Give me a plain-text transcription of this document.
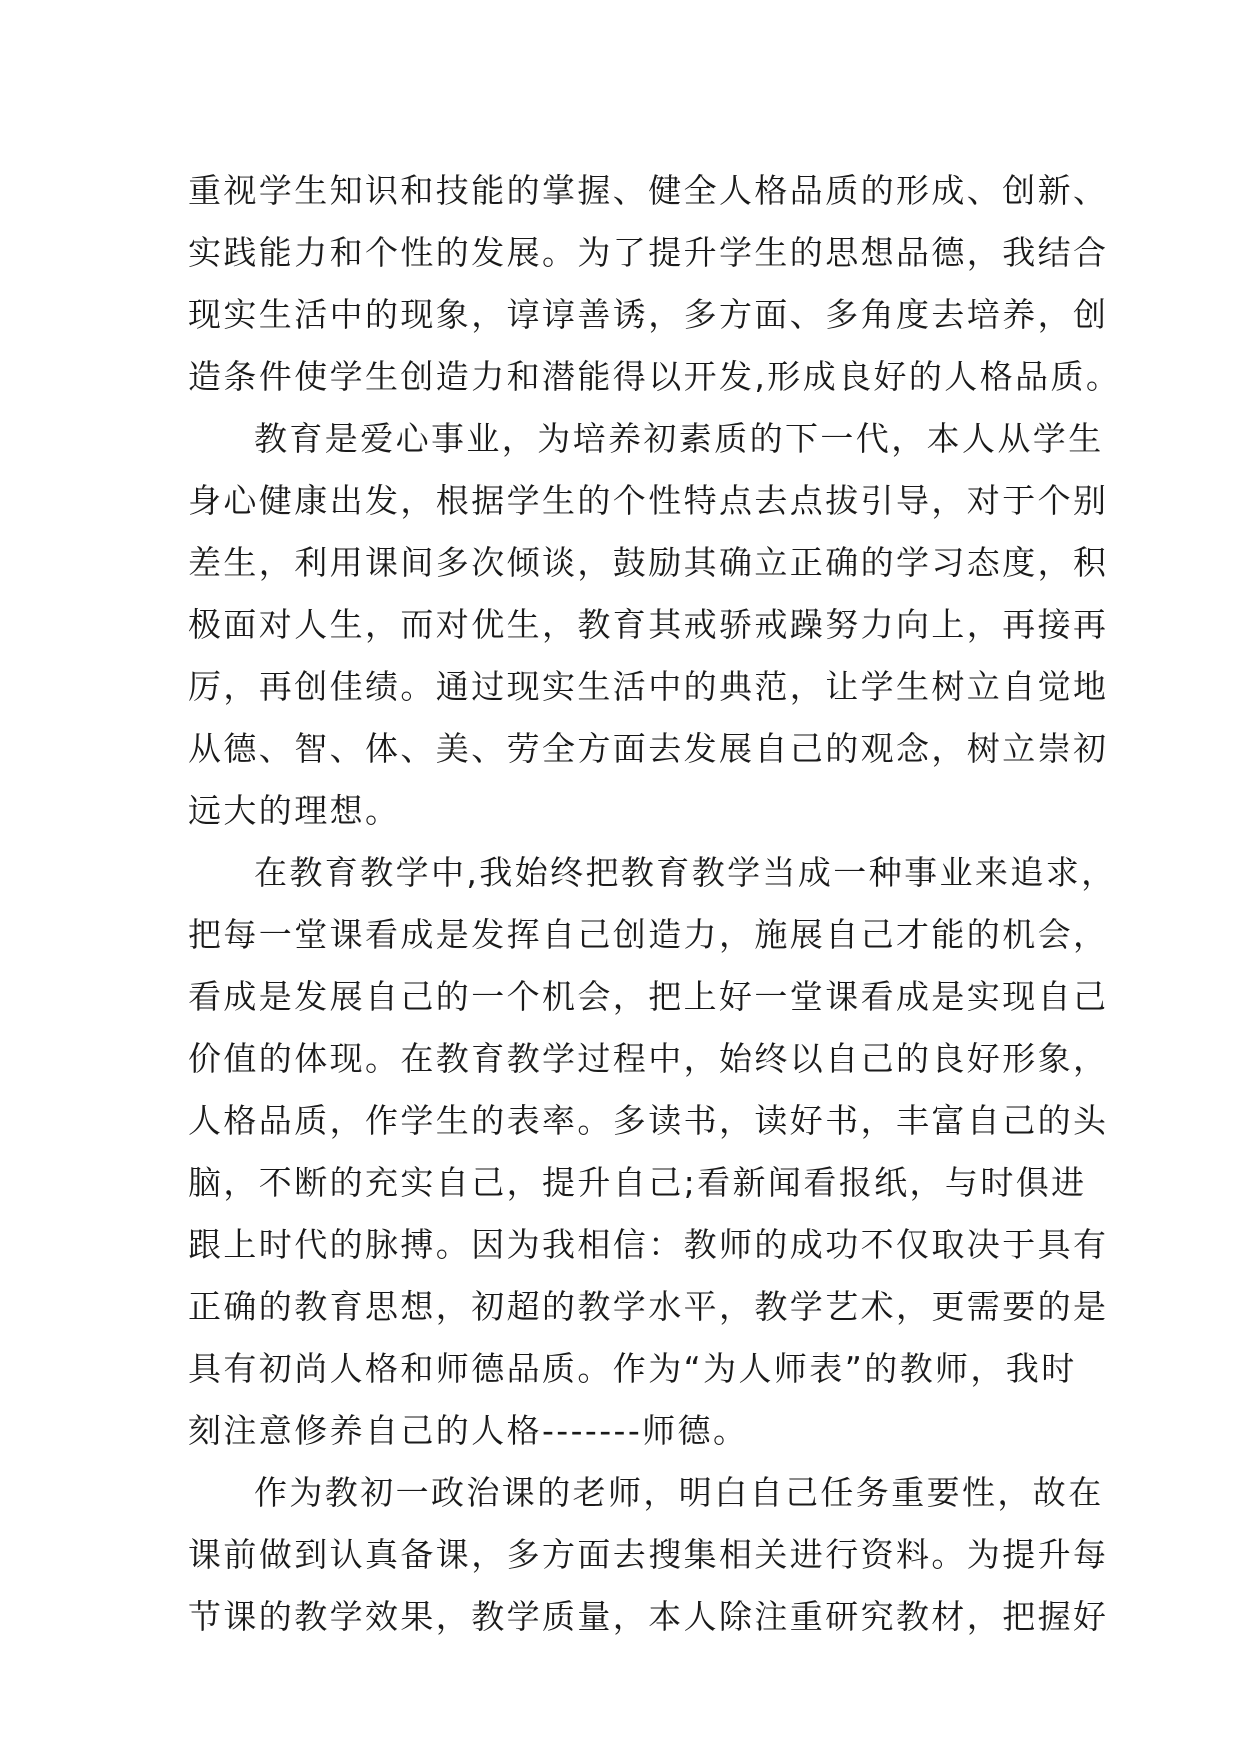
重视学生知识和技能的掌握、健全人格品质的形成、创新、
实践能力和个性的发展。为了提升学生的思想品德，我结合
现实生活中的现象，谆谆善诱，多方面、多角度去培养，创
造条件使学生创造力和潜能得以开发,形成良好的人格品质。
教育是爱心事业，为培养初素质的下一代，本人从学生
身心健康出发，根据学生的个性特点去点拔引导，对于个别
差生，利用课间多次倾谈，鼓励其确立正确的学习态度，积
极面对人生，而对优生，教育其戒骄戒躁努力向上，再接再
厉，再创佳绩。通过现实生活中的典范，让学生树立自觉地
从德、智、体、美、劳全方面去发展自己的观念，树立崇初
远大的理想。
在教育教学中,我始终把教育教学当成一种事业来追求，
把每一堂课看成是发挥自己创造力，施展自己才能的机会，
看成是发展自己的一个机会，把上好一堂课看成是实现自己
价值的体现。在教育教学过程中，始终以自己的良好形象，
人格品质，作学生的表率。多读书，读好书，丰富自己的头
脑，不断的充实自己，提升自己;看新闻看报纸，与时俱进
跟上时代的脉搏。因为我相信：教师的成功不仅取决于具有
正确的教育思想，初超的教学水平，教学艺术，更需要的是
具有初尚人格和师德品质。作为“为人师表”的教师，我时
刻注意修养自己的人格-------师德。
作为教初一政治课的老师，明白自己任务重要性，故在
课前做到认真备课，多方面去搜集相关进行资料。为提升每
节课的教学效果，教学质量，本人除注重研究教材，把握好
